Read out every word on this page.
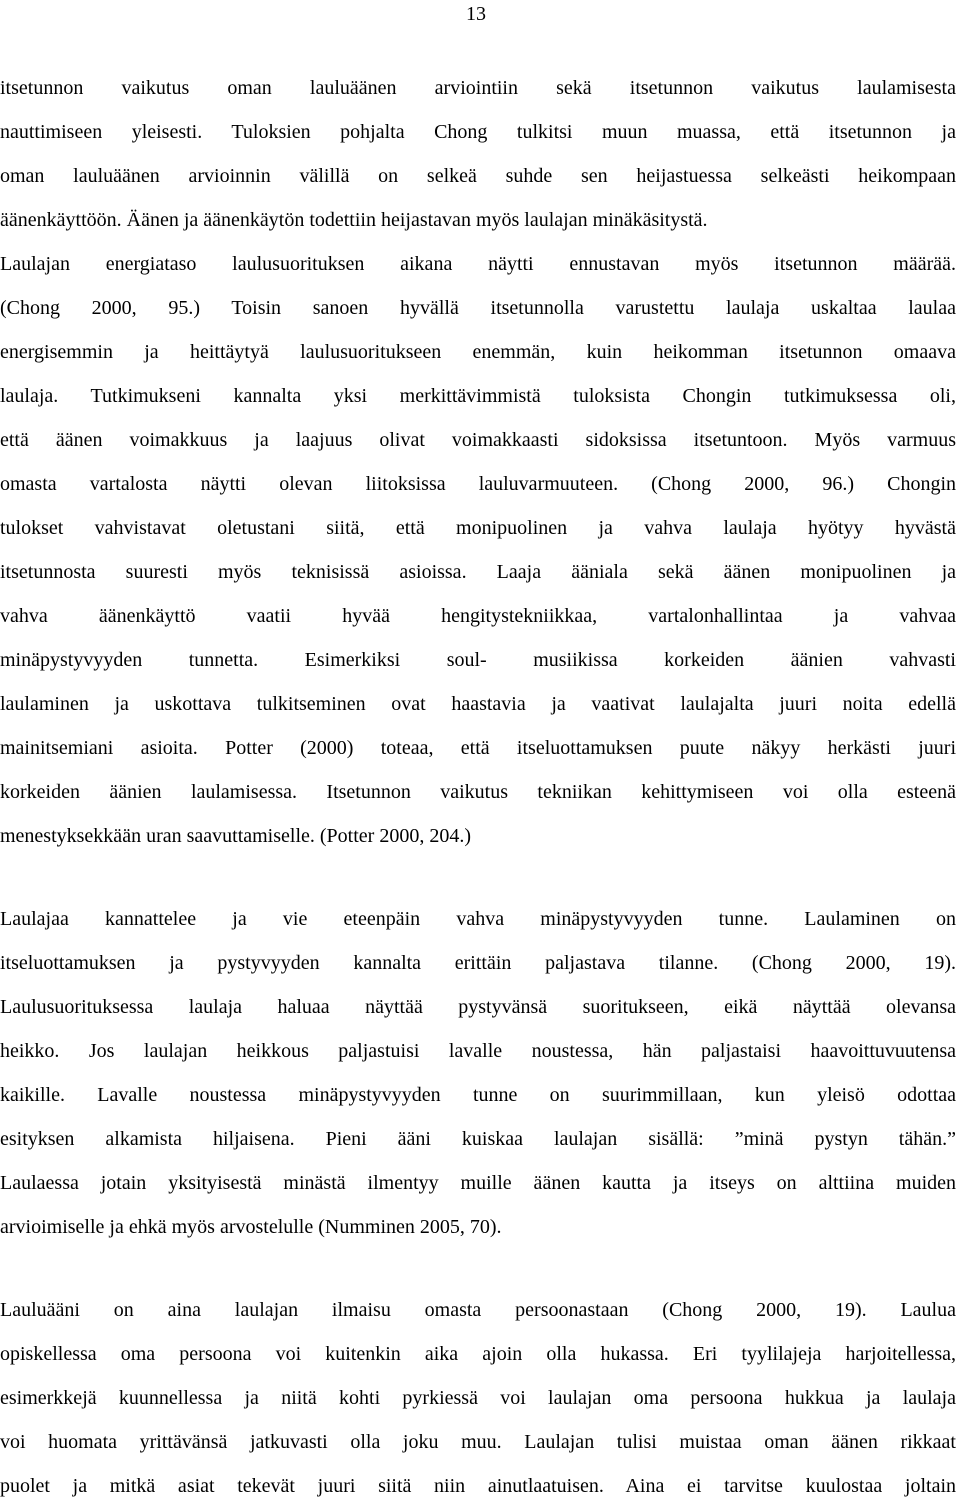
13
itsetunnon vaikutus oman lauluäänen arviointiin sekä itsetunnon vaikutus laulamisesta
nauttimiseen yleisesti. Tuloksien pohjalta Chong tulkitsi muun muassa, että itsetunnon ja
oman lauluäänen arvioinnin välillä on selkeä suhde sen heijastuessa selkeästi heikompaan
äänenkäyttöön. Äänen ja äänenkäytön todettiin heijastavan myös laulajan minäkäsitystä.
Laulajan energiataso laulusuorituksen aikana näytti ennustavan myös itsetunnon määrää.
(Chong 2000, 95.) Toisin sanoen hyvällä itsetunnolla varustettu laulaja uskaltaa laulaa
energisemmin ja heittäytyä laulusuoritukseen enemmän, kuin heikomman itsetunnon omaava
laulaja. Tutkimukseni kannalta yksi merkittävimmistä tuloksista Chongin tutkimuksessa oli,
että äänen voimakkuus ja laajuus olivat voimakkaasti sidoksissa itsetuntoon. Myös varmuus
omasta vartalosta näytti olevan liitoksissa lauluvarmuuteen. (Chong 2000, 96.) Chongin
tulokset vahvistavat oletustani siitä, että monipuolinen ja vahva laulaja hyötyy hyvästä
itsetunnosta suuresti myös teknisissä asioissa. Laaja ääniala sekä äänen monipuolinen ja
vahva äänenkäyttö vaatii hyvää hengitystekniikkaa, vartalonhallintaa ja vahvaa
minäpystyvyyden tunnetta. Esimerkiksi soul- musiikissa korkeiden äänien vahvasti
laulaminen ja uskottava tulkitseminen ovat haastavia ja vaativat laulajalta juuri noita edellä
mainitsemiani asioita. Potter (2000) toteaa, että itseluottamuksen puute näkyy herkästi juuri
korkeiden äänien laulamisessa. Itsetunnon vaikutus tekniikan kehittymiseen voi olla esteenä
menestyksekkään uran saavuttamiselle. (Potter 2000, 204.)
Laulajaa kannattelee ja vie eteenpäin vahva minäpystyvyyden tunne. Laulaminen on
itseluottamuksen ja pystyvyyden kannalta erittäin paljastava tilanne. (Chong 2000, 19).
Laulusuorituksessa laulaja haluaa näyttää pystyvänsä suoritukseen, eikä näyttää olevansa
heikko. Jos laulajan heikkous paljastuisi lavalle noustessa, hän paljastaisi haavoittuvuutensa
kaikille. Lavalle noustessa minäpystyvyyden tunne on suurimmillaan, kun yleisö odottaa
esityksen alkamista hiljaisena. Pieni ääni kuiskaa laulajan sisällä: ”minä pystyn tähän.”
Laulaessa jotain yksityisestä minästä ilmentyy muille äänen kautta ja itseys on alttiina muiden
arvioimiselle ja ehkä myös arvostelulle (Numminen 2005, 70).
Lauluääni on aina laulajan ilmaisu omasta persoonastaan (Chong 2000, 19). Laulua
opiskellessa oma persoona voi kuitenkin aika ajoin olla hukassa. Eri tyylilajeja harjoitellessa,
esimerkkejä kuunnellessa ja niitä kohti pyrkiessä voi laulajan oma persoona hukkua ja laulaja
voi huomata yrittävänsä jatkuvasti olla joku muu. Laulajan tulisi muistaa oman äänen rikkaat
puolet ja mitkä asiat tekevät juuri siitä niin ainutlaatuisen. Aina ei tarvitse kuulostaa joltain
